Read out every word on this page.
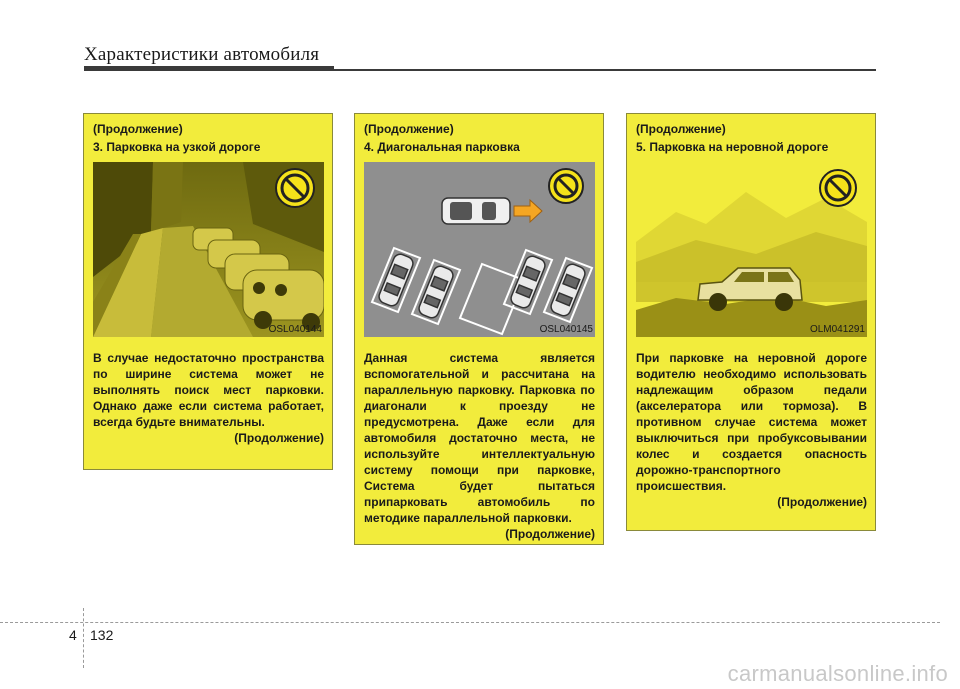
Характеристики автомобиля
(Продолжение)
3. Парковка на узкой дороге
OSL040144
В случае недостаточно пространства по ширине система может не выполнять поиск мест парковки. Однако даже если система работает, всегда будьте внимательны.
(Продолжение)
(Продолжение)
4. Диагональная парковка
OSL040145
Данная система является вспомогательной и рассчитана на параллельную парковку. Парковка по диагонали к проезду не предусмотрена. Даже если для автомобиля достаточно места, не используйте интеллектуальную систему помощи при парковке, Система будет пытаться припарковать автомобиль по методике параллельной парковки.
(Продолжение)
(Продолжение)
5. Парковка на неровной дороге
OLM041291
При парковке на неровной дороге водителю необходимо использовать надлежащим образом педали (акселератора или тормоза). В противном случае система может выключиться при пробуксовывании колес и создается опасность дорожно-транспортного происшествия.
(Продолжение)
4 132
carmanualsonline.info
